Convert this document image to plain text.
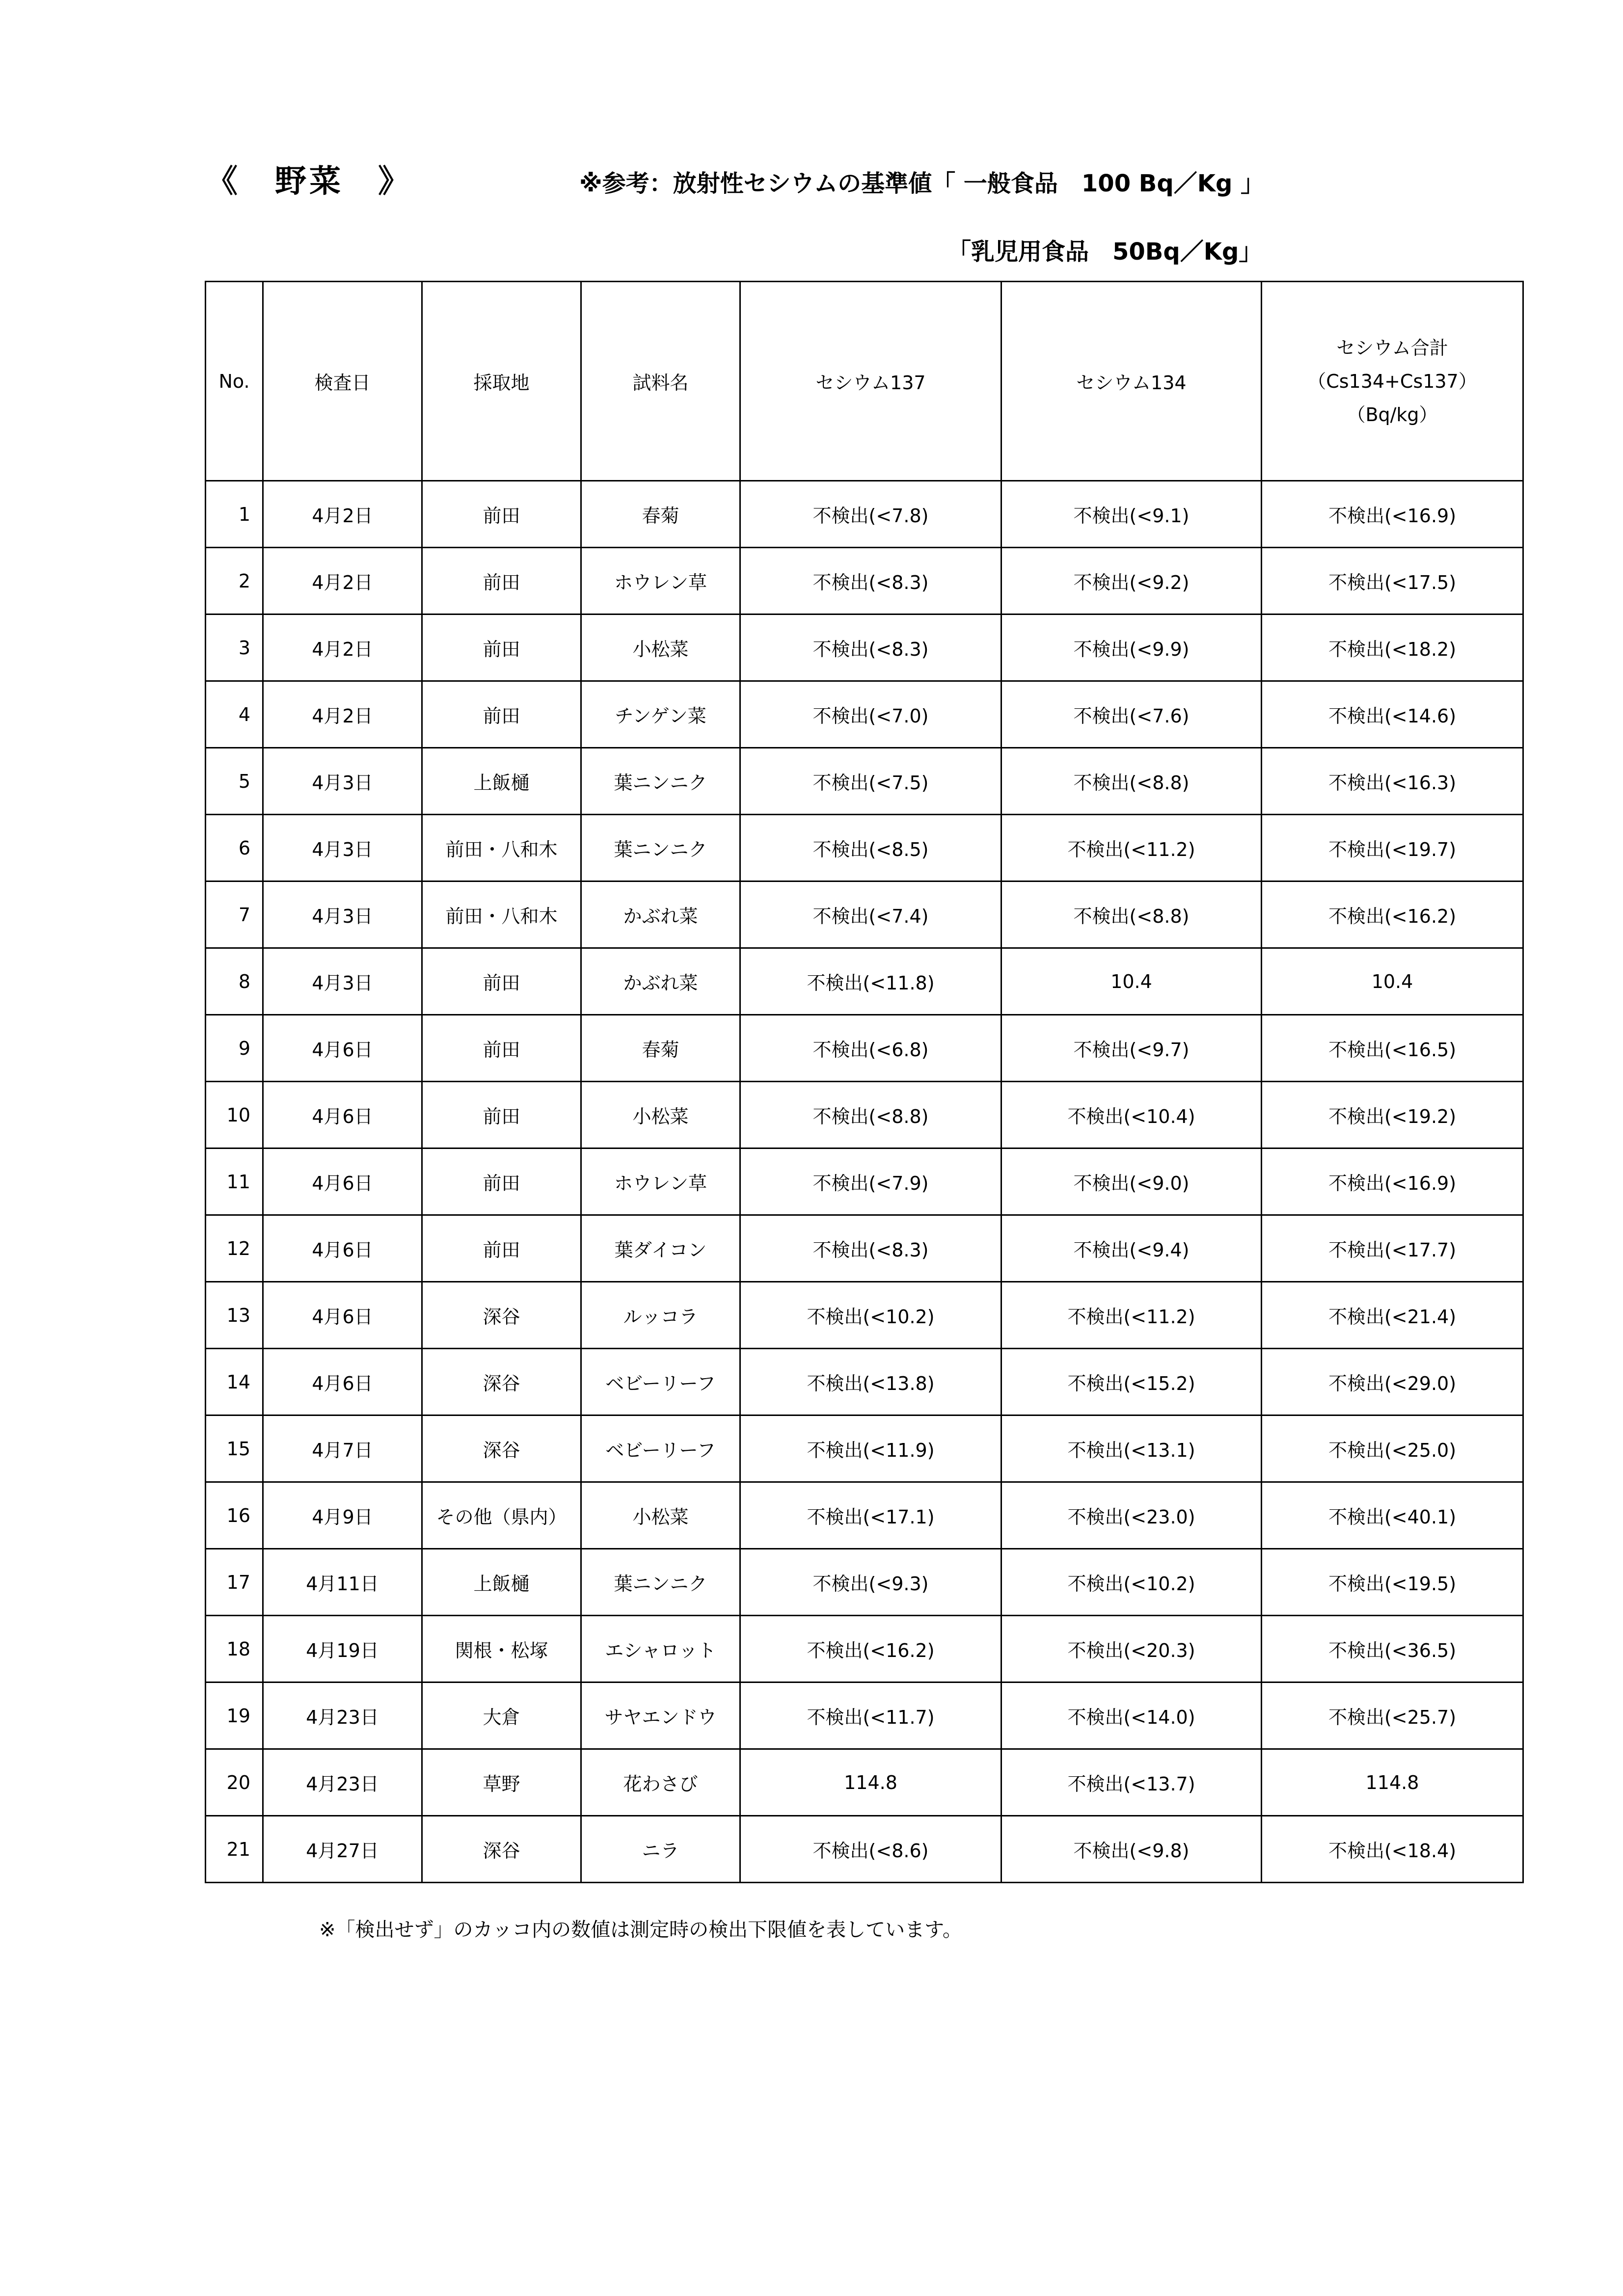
《　野菜　》	※参考：放射性セシウムの基準値「 一般食品　100 Bq／Kg 」
「乳児用食品　50Bq／Kg」
No.	検査日	採取地	試料名	セシウム137	セシウム134	セシウム合計
（Cs134+Cs137）
（Bq/kg）

1	4月2日	前田	春菊	不検出(<7.8)	不検出(<9.1)	不検出(<16.9)
2	4月2日	前田	ホウレン草	不検出(<8.3)	不検出(<9.2)	不検出(<17.5)
3	4月2日	前田	小松菜	不検出(<8.3)	不検出(<9.9)	不検出(<18.2)
4	4月2日	前田	チンゲン菜	不検出(<7.0)	不検出(<7.6)	不検出(<14.6)
5	4月3日	上飯樋	葉ニンニク	不検出(<7.5)	不検出(<8.8)	不検出(<16.3)
6	4月3日	前田・八和木	葉ニンニク	不検出(<8.5)	不検出(<11.2)	不検出(<19.7)
7	4月3日	前田・八和木	かぶれ菜	不検出(<7.4)	不検出(<8.8)	不検出(<16.2)
8	4月3日	前田	かぶれ菜	不検出(<11.8)	10.4	10.4
9	4月6日	前田	春菊	不検出(<6.8)	不検出(<9.7)	不検出(<16.5)
10	4月6日	前田	小松菜	不検出(<8.8)	不検出(<10.4)	不検出(<19.2)
11	4月6日	前田	ホウレン草	不検出(<7.9)	不検出(<9.0)	不検出(<16.9)
12	4月6日	前田	葉ダイコン	不検出(<8.3)	不検出(<9.4)	不検出(<17.7)
13	4月6日	深谷	ルッコラ	不検出(<10.2)	不検出(<11.2)	不検出(<21.4)
14	4月6日	深谷	ベビーリーフ	不検出(<13.8)	不検出(<15.2)	不検出(<29.0)
15	4月7日	深谷	ベビーリーフ	不検出(<11.9)	不検出(<13.1)	不検出(<25.0)
16	4月9日	その他（県内）	小松菜	不検出(<17.1)	不検出(<23.0)	不検出(<40.1)
17	4月11日	上飯樋	葉ニンニク	不検出(<9.3)	不検出(<10.2)	不検出(<19.5)
18	4月19日	関根・松塚	エシャロット	不検出(<16.2)	不検出(<20.3)	不検出(<36.5)
19	4月23日	大倉	サヤエンドウ	不検出(<11.7)	不検出(<14.0)	不検出(<25.7)
20	4月23日	草野	花わさび	114.8	不検出(<13.7)	114.8
21	4月27日	深谷	ニラ	不検出(<8.6)	不検出(<9.8)	不検出(<18.4)
※「検出せず」のカッコ内の数値は測定時の検出下限値を表しています。
